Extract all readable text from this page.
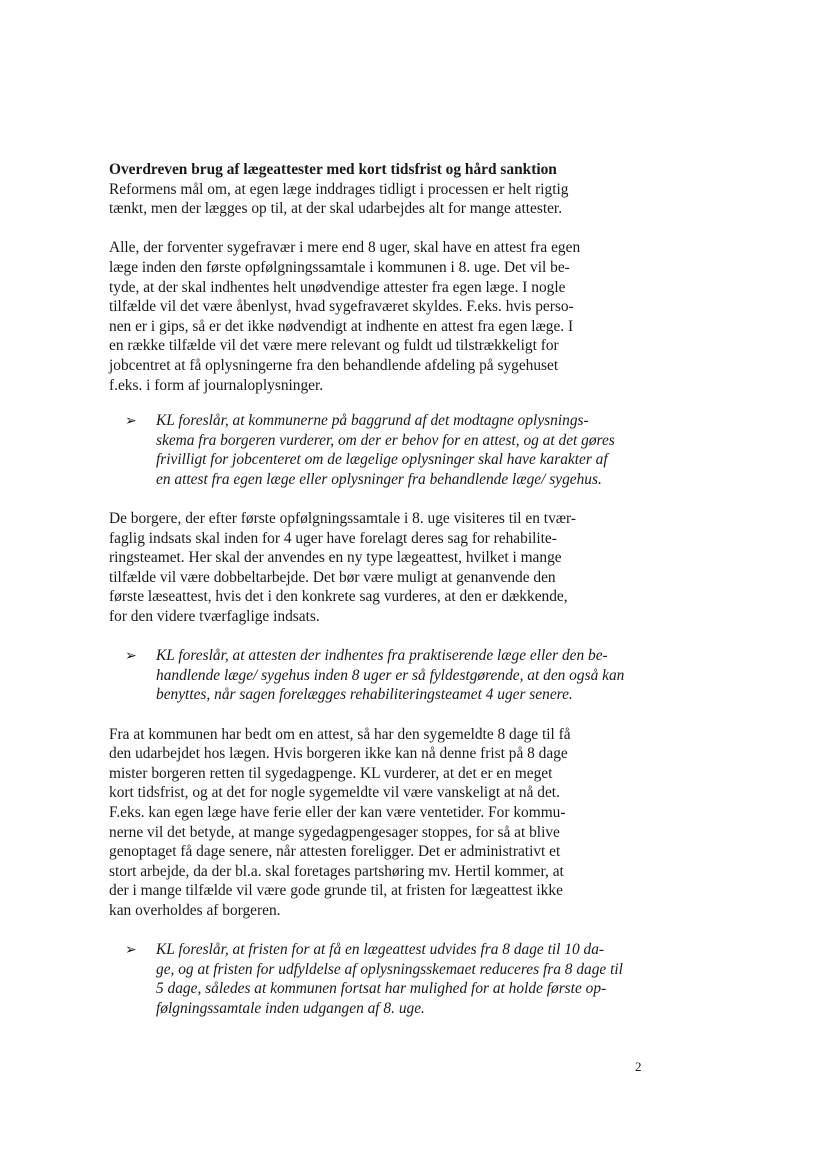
Overdreven brug af lægeattester med kort tidsfrist og hård sanktion
Reformens mål om, at egen læge inddrages tidligt i processen er helt rigtig
tænkt, men der lægges op til, at der skal udarbejdes alt for mange attester.
Alle, der forventer sygefravær i mere end 8 uger, skal have en attest fra egen
læge inden den første opfølgningssamtale i kommunen i 8. uge. Det vil be-
tyde, at der skal indhentes helt unødvendige attester fra egen læge. I nogle
tilfælde vil det være åbenlyst, hvad sygefraværet skyldes. F.eks. hvis perso-
nen er i gips, så er det ikke nødvendigt at indhente en attest fra egen læge. I
en række tilfælde vil det være mere relevant og fuldt ud tilstrækkeligt for
jobcentret at få oplysningerne fra den behandlende afdeling på sygehuset
f.eks. i form af journaloplysninger.
➢ KL foreslår, at kommunerne på baggrund af det modtagne oplysnings-
skema fra borgeren vurderer, om der er behov for en attest, og at det gøres
frivilligt for jobcenteret om de lægelige oplysninger skal have karakter af
en attest fra egen læge eller oplysninger fra behandlende læge/ sygehus.
De borgere, der efter første opfølgningssamtale i 8. uge visiteres til en tvær-
faglig indsats skal inden for 4 uger have forelagt deres sag for rehabilite-
ringsteamet. Her skal der anvendes en ny type lægeattest, hvilket i mange
tilfælde vil være dobbeltarbejde. Det bør være muligt at genanvende den
første læseattest, hvis det i den konkrete sag vurderes, at den er dækkende,
for den videre tværfaglige indsats.
➢ KL foreslår, at attesten der indhentes fra praktiserende læge eller den be-
handlende læge/ sygehus inden 8 uger er så fyldestgørende, at den også kan
benyttes, når sagen forelægges rehabiliteringsteamet 4 uger senere.
Fra at kommunen har bedt om en attest, så har den sygemeldte 8 dage til få
den udarbejdet hos lægen. Hvis borgeren ikke kan nå denne frist på 8 dage
mister borgeren retten til sygedagpenge. KL vurderer, at det er en meget
kort tidsfrist, og at det for nogle sygemeldte vil være vanskeligt at nå det.
F.eks. kan egen læge have ferie eller der kan være ventetider. For kommu-
nerne vil det betyde, at mange sygedagpengesager stoppes, for så at blive
genoptaget få dage senere, når attesten foreligger. Det er administrativt et
stort arbejde, da der bl.a. skal foretages partshøring mv. Hertil kommer, at
der i mange tilfælde vil være gode grunde til, at fristen for lægeattest ikke
kan overholdes af borgeren.
➢ KL foreslår, at fristen for at få en lægeattest udvides fra 8 dage til 10 da-
ge, og at fristen for udfyldelse af oplysningsskemaet reduceres fra 8 dage til
5 dage, således at kommunen fortsat har mulighed for at holde første op-
følgningssamtale inden udgangen af 8. uge.
2
